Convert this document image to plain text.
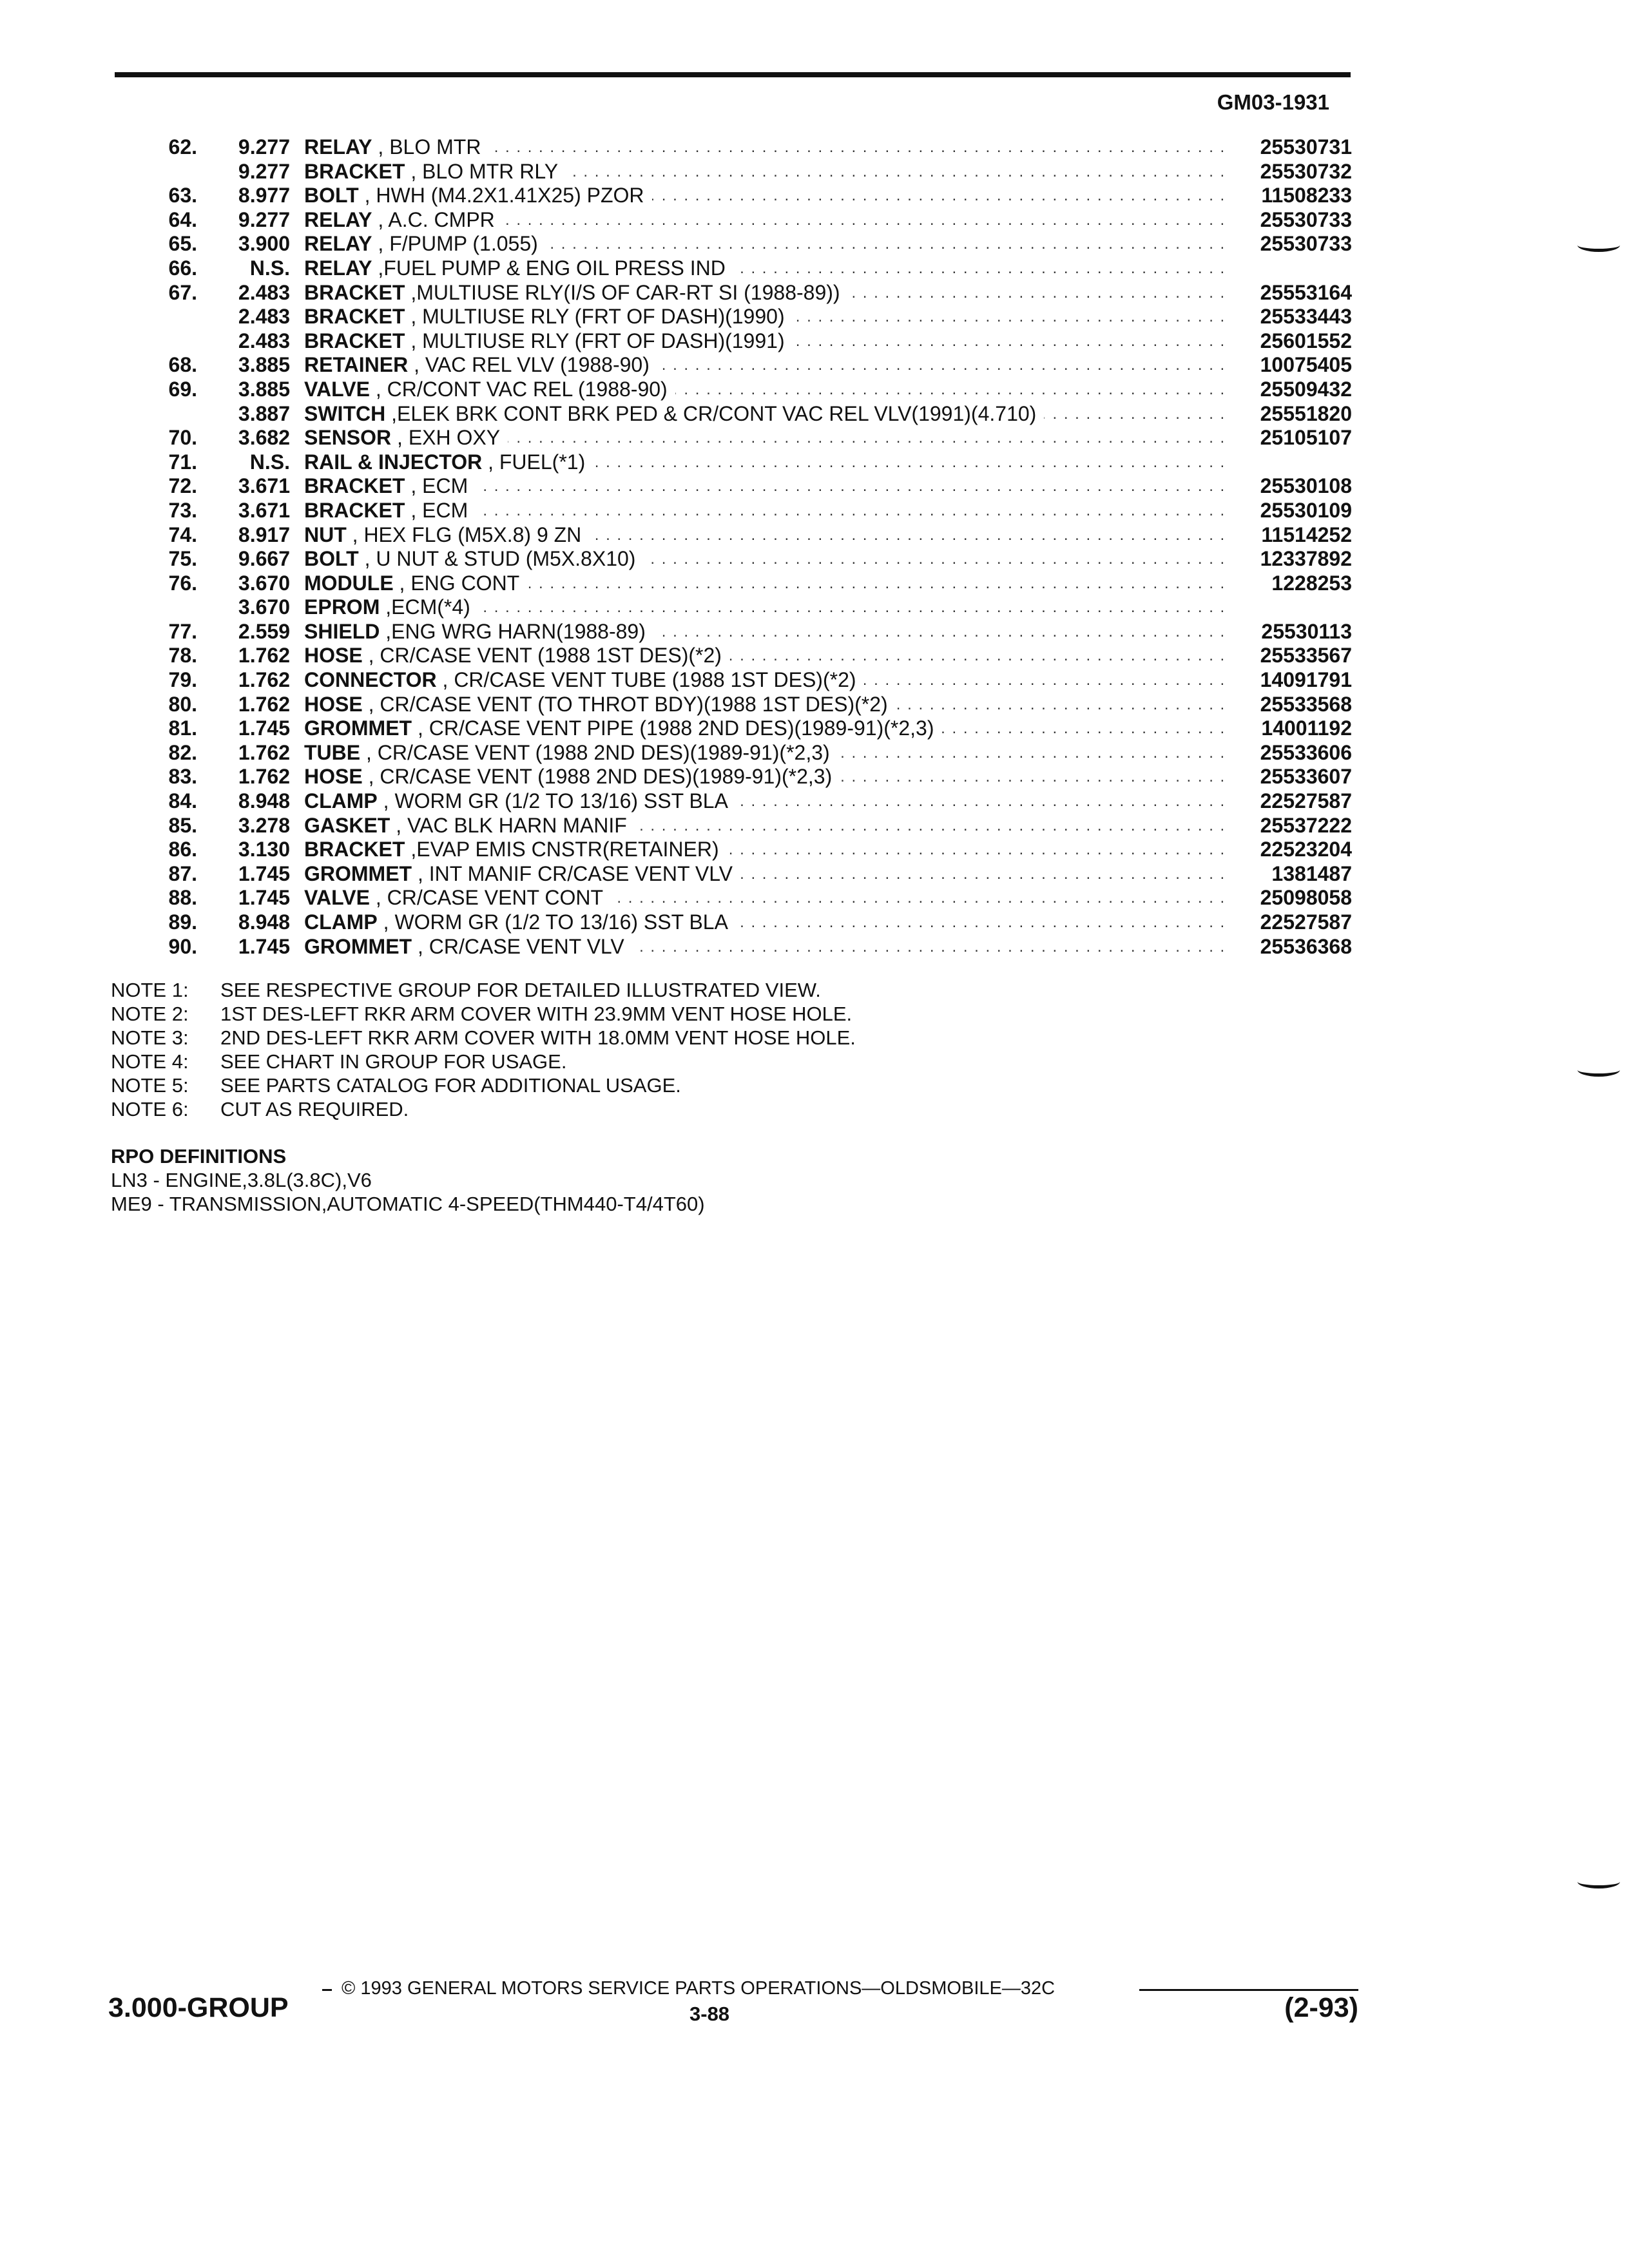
GM03-1931
62.	9.277 RELAY , BLO MTR . . .	25530731
9.277 BRACKET , BLO MTR RLY . . .	25530732
63.	8.977 BOLT , HWH (M4.2X1.41X25) PZOR . . .	11508233
64.	9.277 RELAY , A.C. CMPR . . .	25530733
65.	3.900 RELAY , F/PUMP (1.055) . . .	25530733
66.	N.S. RELAY ,FUEL PUMP & ENG OIL PRESS IND . . .
67.	2.483 BRACKET ,MULTIUSE RLY(I/S OF CAR-RT SI (1988-89)) . . .	25553164
2.483 BRACKET , MULTIUSE RLY (FRT OF DASH)(1990) . . .	25533443
2.483 BRACKET , MULTIUSE RLY (FRT OF DASH)(1991) . . .	25601552
68.	3.885 RETAINER , VAC REL VLV (1988-90) . . .	10075405
69.	3.885 VALVE , CR/CONT VAC REL (1988-90) . . .	25509432
3.887 SWITCH ,ELEK BRK CONT BRK PED & CR/CONT VAC REL VLV(1991)(4.710) . . .	25551820
70.	3.682 SENSOR , EXH OXY . . .	25105107
71.	N.S. RAIL & INJECTOR , FUEL(*1) . . .
72.	3.671 BRACKET , ECM . . .	25530108
73.	3.671 BRACKET , ECM . . .	25530109
74.	8.917 NUT , HEX FLG (M5X.8) 9 ZN . . .	11514252
75.	9.667 BOLT , U NUT & STUD (M5X.8X10) . . .	12337892
76.	3.670 MODULE , ENG CONT . . .	1228253
3.670 EPROM ,ECM(*4) . . .
77.	2.559 SHIELD ,ENG WRG HARN(1988-89) . . .	25530113
78.	1.762 HOSE , CR/CASE VENT (1988 1ST DES)(*2) . . .	25533567
79.	1.762 CONNECTOR , CR/CASE VENT TUBE (1988 1ST DES)(*2) . . .	14091791
80.	1.762 HOSE , CR/CASE VENT (TO THROT BDY)(1988 1ST DES)(*2) . . .	25533568
81.	1.745 GROMMET , CR/CASE VENT PIPE (1988 2ND DES)(1989-91)(*2,3) . . .	14001192
82.	1.762 TUBE , CR/CASE VENT (1988 2ND DES)(1989-91)(*2,3) . . .	25533606
83.	1.762 HOSE , CR/CASE VENT (1988 2ND DES)(1989-91)(*2,3) . . .	25533607
84.	8.948 CLAMP , WORM GR (1/2 TO 13/16) SST BLA . . .	22527587
85.	3.278 GASKET , VAC BLK HARN MANIF . . .	25537222
86.	3.130 BRACKET ,EVAP EMIS CNSTR(RETAINER) . . .	22523204
87.	1.745 GROMMET , INT MANIF CR/CASE VENT VLV . . .	1381487
88.	1.745 VALVE , CR/CASE VENT CONT . . .	25098058
89.	8.948 CLAMP , WORM GR (1/2 TO 13/16) SST BLA . . .	22527587
90.	1.745 GROMMET , CR/CASE VENT VLV . . .	25536368
NOTE 1: SEE RESPECTIVE GROUP FOR DETAILED ILLUSTRATED VIEW.
NOTE 2: 1ST DES-LEFT RKR ARM COVER WITH 23.9MM VENT HOSE HOLE.
NOTE 3: 2ND DES-LEFT RKR ARM COVER WITH 18.0MM VENT HOSE HOLE.
NOTE 4: SEE CHART IN GROUP FOR USAGE.
NOTE 5: SEE PARTS CATALOG FOR ADDITIONAL USAGE.
NOTE 6: CUT AS REQUIRED.
RPO DEFINITIONS
LN3 - ENGINE,3.8L(3.8C),V6
ME9 - TRANSMISSION,AUTOMATIC 4-SPEED(THM440-T4/4T60)
© 1993 GENERAL MOTORS SERVICE PARTS OPERATIONS—OLDSMOBILE—32C
3.000-GROUP	3-88	(2-93)
